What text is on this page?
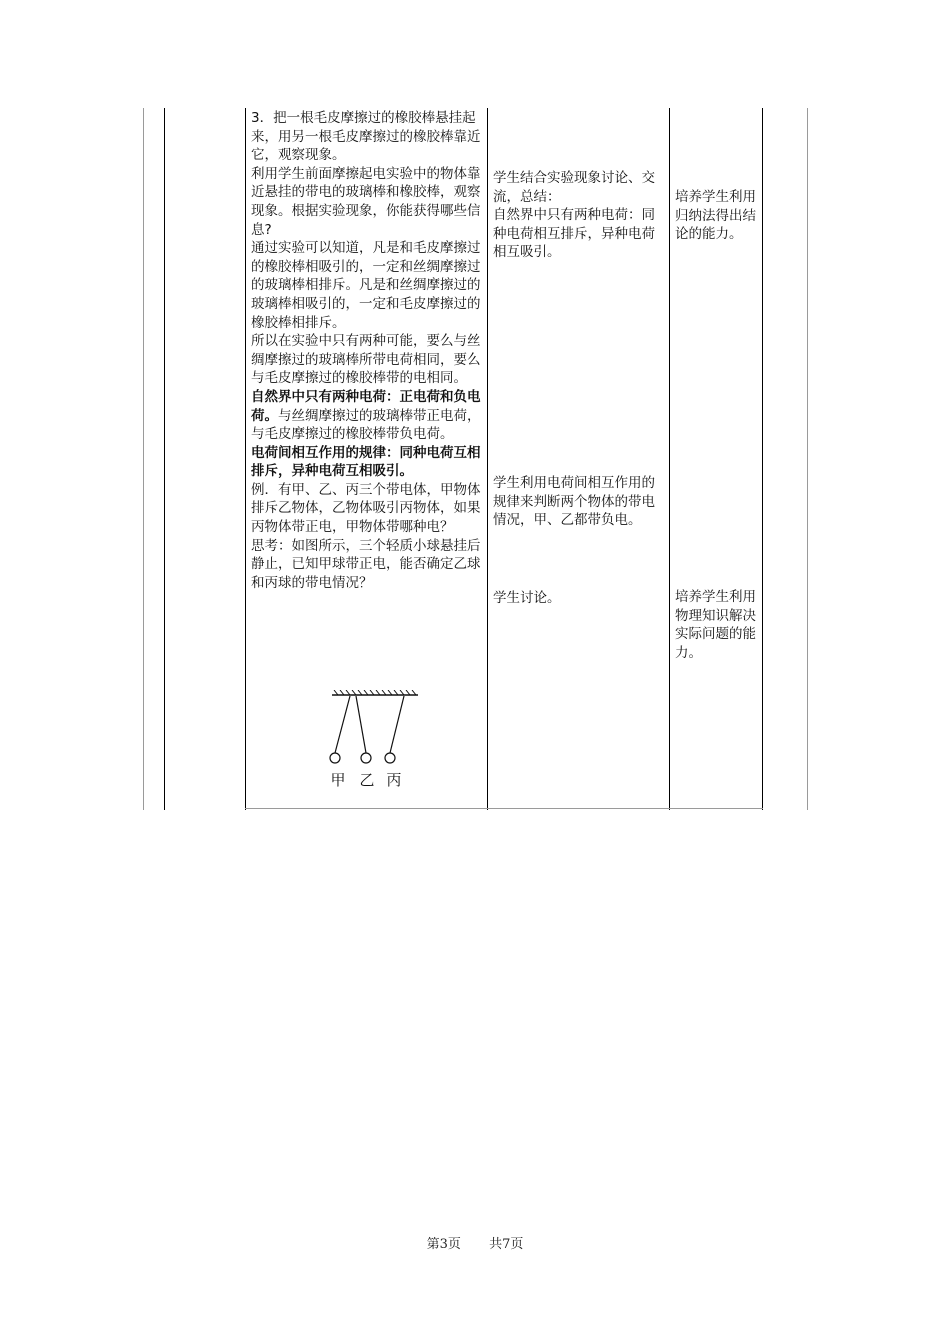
3．把一根毛皮摩擦过的橡胶棒悬挂起来，用另一根毛皮摩擦过的橡胶棒靠近它，观察现象。

利用学生前面摩擦起电实验中的物体靠近悬挂的带电的玻璃棒和橡胶棒，观察现象。根据实验现象，你能获得哪些信息?

通过实验可以知道，凡是和毛皮摩擦过的橡胶棒相吸引的，一定和丝绸摩擦过的玻璃棒相排斥。凡是和丝绸摩擦过的玻璃棒相吸引的，一定和毛皮摩擦过的橡胶棒相排斥。

所以在实验中只有两种可能，要么与丝绸摩擦过的玻璃棒所带电荷相同，要么与毛皮摩擦过的橡胶棒带的电相同。

自然界中只有两种电荷：正电荷和负电荷。与丝绸摩擦过的玻璃棒带正电荷，与毛皮摩擦过的橡胶棒带负电荷。

电荷间相互作用的规律：同种电荷互相排斥，异种电荷互相吸引。

例．有甲、乙、丙三个带电体，甲物体排斥乙物体，乙物体吸引丙物体，如果丙物体带正电，甲物体带哪种电？

思考：如图所示，三个轻质小球悬挂后静止，已知甲球带正电，能否确定乙球和丙球的带电情况？

甲 乙 丙

学生结合实验现象讨论、交流，总结：

自然界中只有两种电荷：同种电荷相互排斥，异种电荷相互吸引。

学生利用电荷间相互作用的规律来判断两个物体的带电情况，甲、乙都带负电。

学生讨论。

培养学生利用归纳法得出结论的能力。

培养学生利用物理知识解决实际问题的能力。

第3页 共7页
